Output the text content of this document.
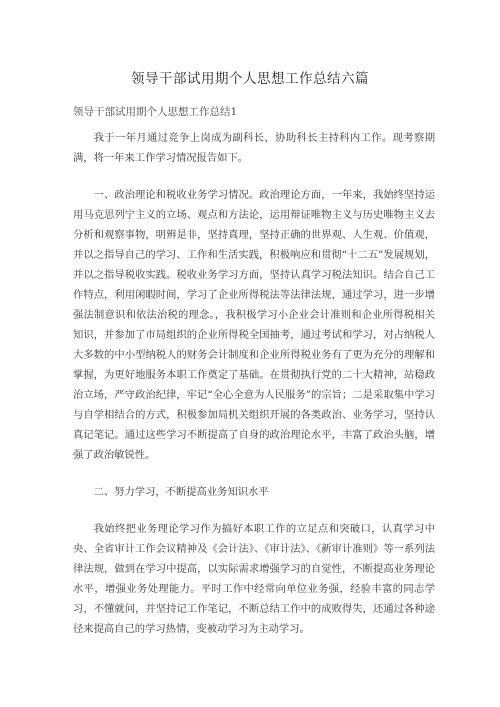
领导干部试用期个人思想工作总结六篇
领导干部试用期个人思想工作总结1

我于一年月通过竞争上岗成为副科长，协助科长主持科内工作。现考察期满，将一年来工作学习情况报告如下。

一、政治理论和税收业务学习情况。政治理论方面，一年来，我始终坚持运用马克思列宁主义的立场、观点和方法论，运用辩证唯物主义与历史唯物主义去分析和观察事物，明辨是非，坚持真理，坚持正确的世界观、人生观、价值观，并以之指导自己的学习、工作和生活实践，积极响应和贯彻“十二五”发展规划，并以之指导税收实践。税收业务学习方面，坚持认真学习税法知识。结合自己工作特点，利用闲暇时间，学习了企业所得税法等法律法规，通过学习，进一步增强法制意识和依法治税的理念。，我积极学习小企业会计准则和企业所得税相关知识，并参加了市局组织的企业所得税全国抽考，通过考试和学习，对占纳税人大多数的中小型纳税人的财务会计制度和企业所得税业务有了更为充分的理解和掌握，为更好地服务本职工作奠定了基础。在贯彻执行党的二十大精神，站稳政治立场，严守政治纪律，牢记“全心全意为人民服务”的宗旨；二是采取集中学习与自学相结合的方式，积极参加局机关组织开展的各类政治、业务学习，坚持认真记笔记。通过这些学习不断提高了自身的政治理论水平，丰富了政治头脑，增强了政治敏锐性。

二、努力学习，不断提高业务知识水平

我始终把业务理论学习作为搞好本职工作的立足点和突破口，认真学习中央、全省审计工作会议精神及《会计法》、《审计法》、《新审计准则》等一系列法律法规，做到在学习中提高，以实际需求增强学习的自觉性，不断提高业务理论水平，增强业务处理能力。平时工作中经常向单位业务强，经验丰富的同志学习，不懂就问，并坚持记工作笔记，不断总结工作中的成败得失，还通过各种途径来提高自己的学习热情，变被动学习为主动学习。
